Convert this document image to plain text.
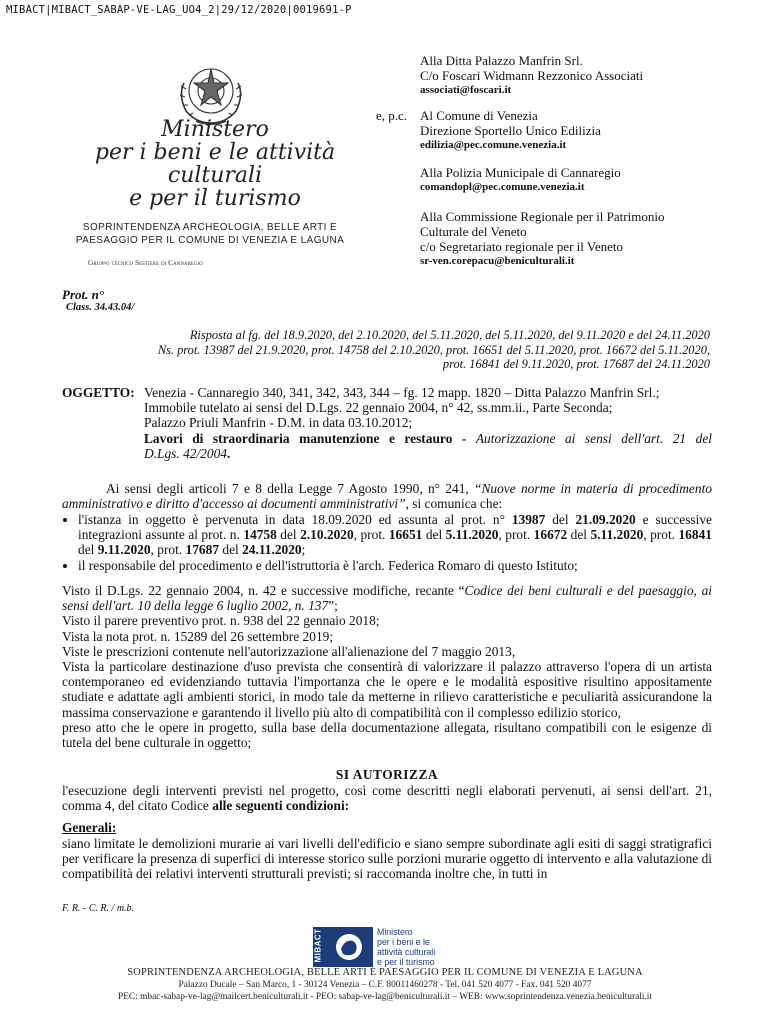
MIBACT|MIBACT_SABAP-VE-LAG_UO4_2|29/12/2020|0019691-P
Ministero
per i beni e le attività
culturali
e per il turismo
SOPRINTENDENZA ARCHEOLOGIA, BELLE ARTI E
PAESAGGIO PER IL COMUNE DI VENEZIA E LAGUNA
Gruppo tecnico Sestiere di Cannaregio
Alla Ditta Palazzo Manfrin Srl.
C/o Foscari Widmann Rezzonico Associati
associati@foscari.it
e, p.c. Al Comune di Venezia
Direzione Sportello Unico Edilizia
edilizia@pec.comune.venezia.it
Alla Polizia Municipale di Cannaregio
comandopl@pec.comune.venezia.it
Alla Commissione Regionale per il Patrimonio
Culturale del Veneto
c/o Segretariato regionale per il Veneto
sr-ven.corepacu@beniculturali.it
Prot. n°
Class. 34.43.04/
Risposta al fg. del 18.9.2020, del 2.10.2020, del 5.11.2020, del 5.11.2020, del 9.11.2020 e del 24.11.2020
Ns. prot. 13987 del 21.9.2020, prot. 14758 del 2.10.2020, prot. 16651 del 5.11.2020, prot. 16672 del 5.11.2020,
prot. 16841 del 9.11.2020, prot. 17687 del 24.11.2020
OGGETTO: Venezia - Cannaregio 340, 341, 342, 343, 344 – fg. 12 mapp. 1820 – Ditta Palazzo Manfrin Srl.;
Immobile tutelato ai sensi del D.Lgs. 22 gennaio 2004, n° 42, ss.mm.ii., Parte Seconda;
Palazzo Priuli Manfrin - D.M. in data 03.10.2012;
Lavori di straordinaria manutenzione e restauro - Autorizzazione ai sensi dell'art. 21 del
D.Lgs. 42/2004.
Ai sensi degli articoli 7 e 8 della Legge 7 Agosto 1990, n° 241, “Nuove norme in materia di procedimento amministrativo e diritto d'accesso ai documenti amministrativi”, si comunica che:
• l'istanza in oggetto è pervenuta in data 18.09.2020 ed assunta al prot. n° 13987 del 21.09.2020 e successive integrazioni assunte al prot. n. 14758 del 2.10.2020, prot. 16651 del 5.11.2020, prot. 16672 del 5.11.2020, prot. 16841 del 9.11.2020, prot. 17687 del 24.11.2020;
• il responsabile del procedimento e dell'istruttoria è l'arch. Federica Romaro di questo Istituto;
Visto il D.Lgs. 22 gennaio 2004, n. 42 e successive modifiche, recante “Codice dei beni culturali e del paesaggio, ai sensi dell'art. 10 della legge 6 luglio 2002, n. 137”;
Visto il parere preventivo prot. n. 938 del 22 gennaio 2018;
Vista la nota prot. n. 15289 del 26 settembre 2019;
Viste le prescrizioni contenute nell'autorizzazione all'alienazione del 7 maggio 2013,
Vista la particolare destinazione d'uso prevista che consentirà di valorizzare il palazzo attraverso l'opera di un artista contemporaneo ed evidenziando tuttavia l'importanza che le opere e le modalità espositive risultino appositamente studiate e adattate agli ambienti storici, in modo tale da metterne in rilievo caratteristiche e peculiarità assicurandone la massima conservazione e garantendo il livello più alto di compatibilità con il complesso edilizio storico,
preso atto che le opere in progetto, sulla base della documentazione allegata, risultano compatibili con le esigenze di tutela del bene culturale in oggetto;
SI AUTORIZZA
l'esecuzione degli interventi previsti nel progetto, così come descritti negli elaborati pervenuti, ai sensi dell'art. 21, comma 4, del citato Codice alle seguenti condizioni:
Generali:
siano limitate le demolizioni murarie ai vari livelli dell'edificio e siano sempre subordinate agli esiti di saggi stratigrafici per verificare la presenza di superfici di interesse storico sulle porzioni murarie oggetto di intervento e alla valutazione di compatibilità dei relativi interventi strutturali previsti; si raccomanda inoltre che, in tutti in
F. R. - C. R. / m.b.
MIBACT	Ministero
per i beni e le
attività culturali
e per il turismo
SOPRINTENDENZA ARCHEOLOGIA, BELLE ARTI E PAESAGGIO PER IL COMUNE DI VENEZIA E LAGUNA
Palazzo Ducale – San Marco, 1 - 30124 Venezia – C.F. 80011460278 - Tel. 041 520 4077 - Fax. 041 520 4077
PEC: mbac-sabap-ve-lag@mailcert.beniculturali.it - PEO: sabap-ve-lag@beniculturali.it – WEB: www.soprintendenza.venezia.beniculturali.it
